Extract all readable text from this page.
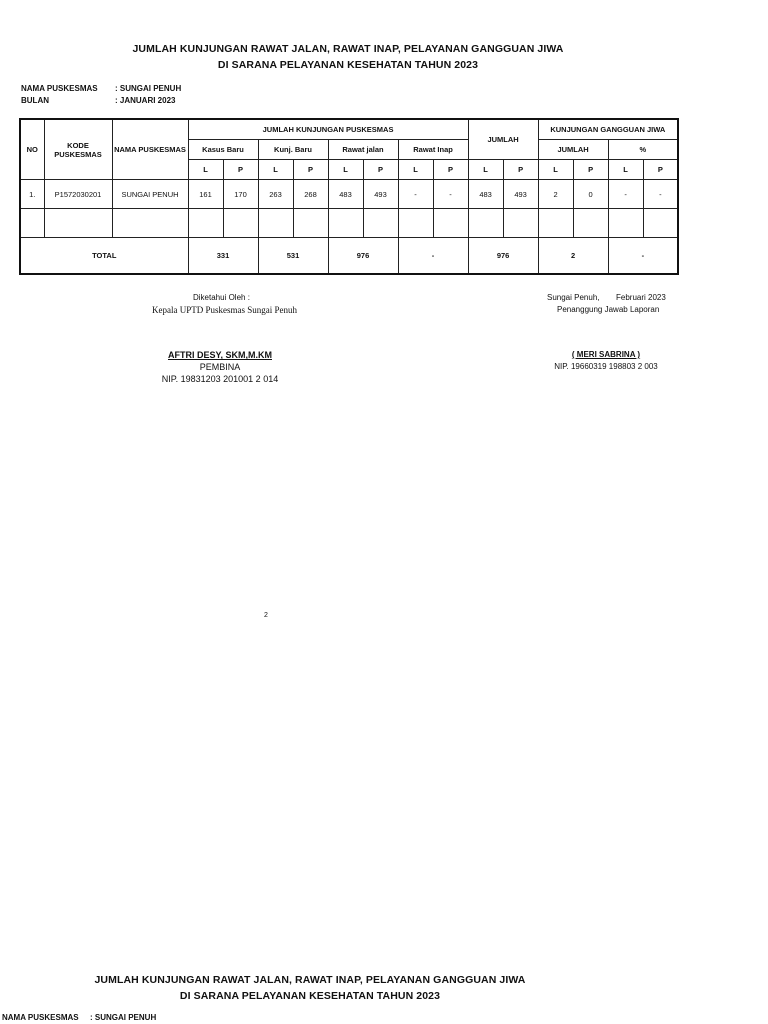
JUMLAH KUNJUNGAN RAWAT JALAN, RAWAT INAP, PELAYANAN GANGGUAN JIWA
DI SARANA PELAYANAN KESEHATAN TAHUN 2023
NAMA PUSKESMAS	: SUNGAI PENUH
BULAN	: JANUARI 2023
NO	KODE PUSKESMAS	NAMA PUSKESMAS	JUMLAH KUNJUNGAN PUSKESMAS								JUMLAH		KUNJUNGAN GANGGUAN JIWA			
			Kasus Baru		Kunj. Baru		Rawat jalan		Rawat Inap				JUMLAH		%	
			L	P	L	P	L	P	L	P	L	P	L	P	L	P
1.	P1572030201	SUNGAI PENUH	161	170	263	268	483	493	-	-	483	493	2	0	-	-

TOTAL			331		531		976		-		976		2		-	
Diketahui Oleh :
Kepala UPTD Puskesmas Sungai Penuh
AFTRI DESY, SKM,M.KM
PEMBINA
NIP. 19831203 201001 2 014
Sungai Penuh, Februari 2023
Penanggung Jawab Laporan
( MERI SABRINA )
NIP. 19660319 198803 2 003
2
JUMLAH KUNJUNGAN RAWAT JALAN, RAWAT INAP, PELAYANAN GANGGUAN JIWA
DI SARANA PELAYANAN KESEHATAN TAHUN 2023
NAMA PUSKESMAS	: SUNGAI PENUH
